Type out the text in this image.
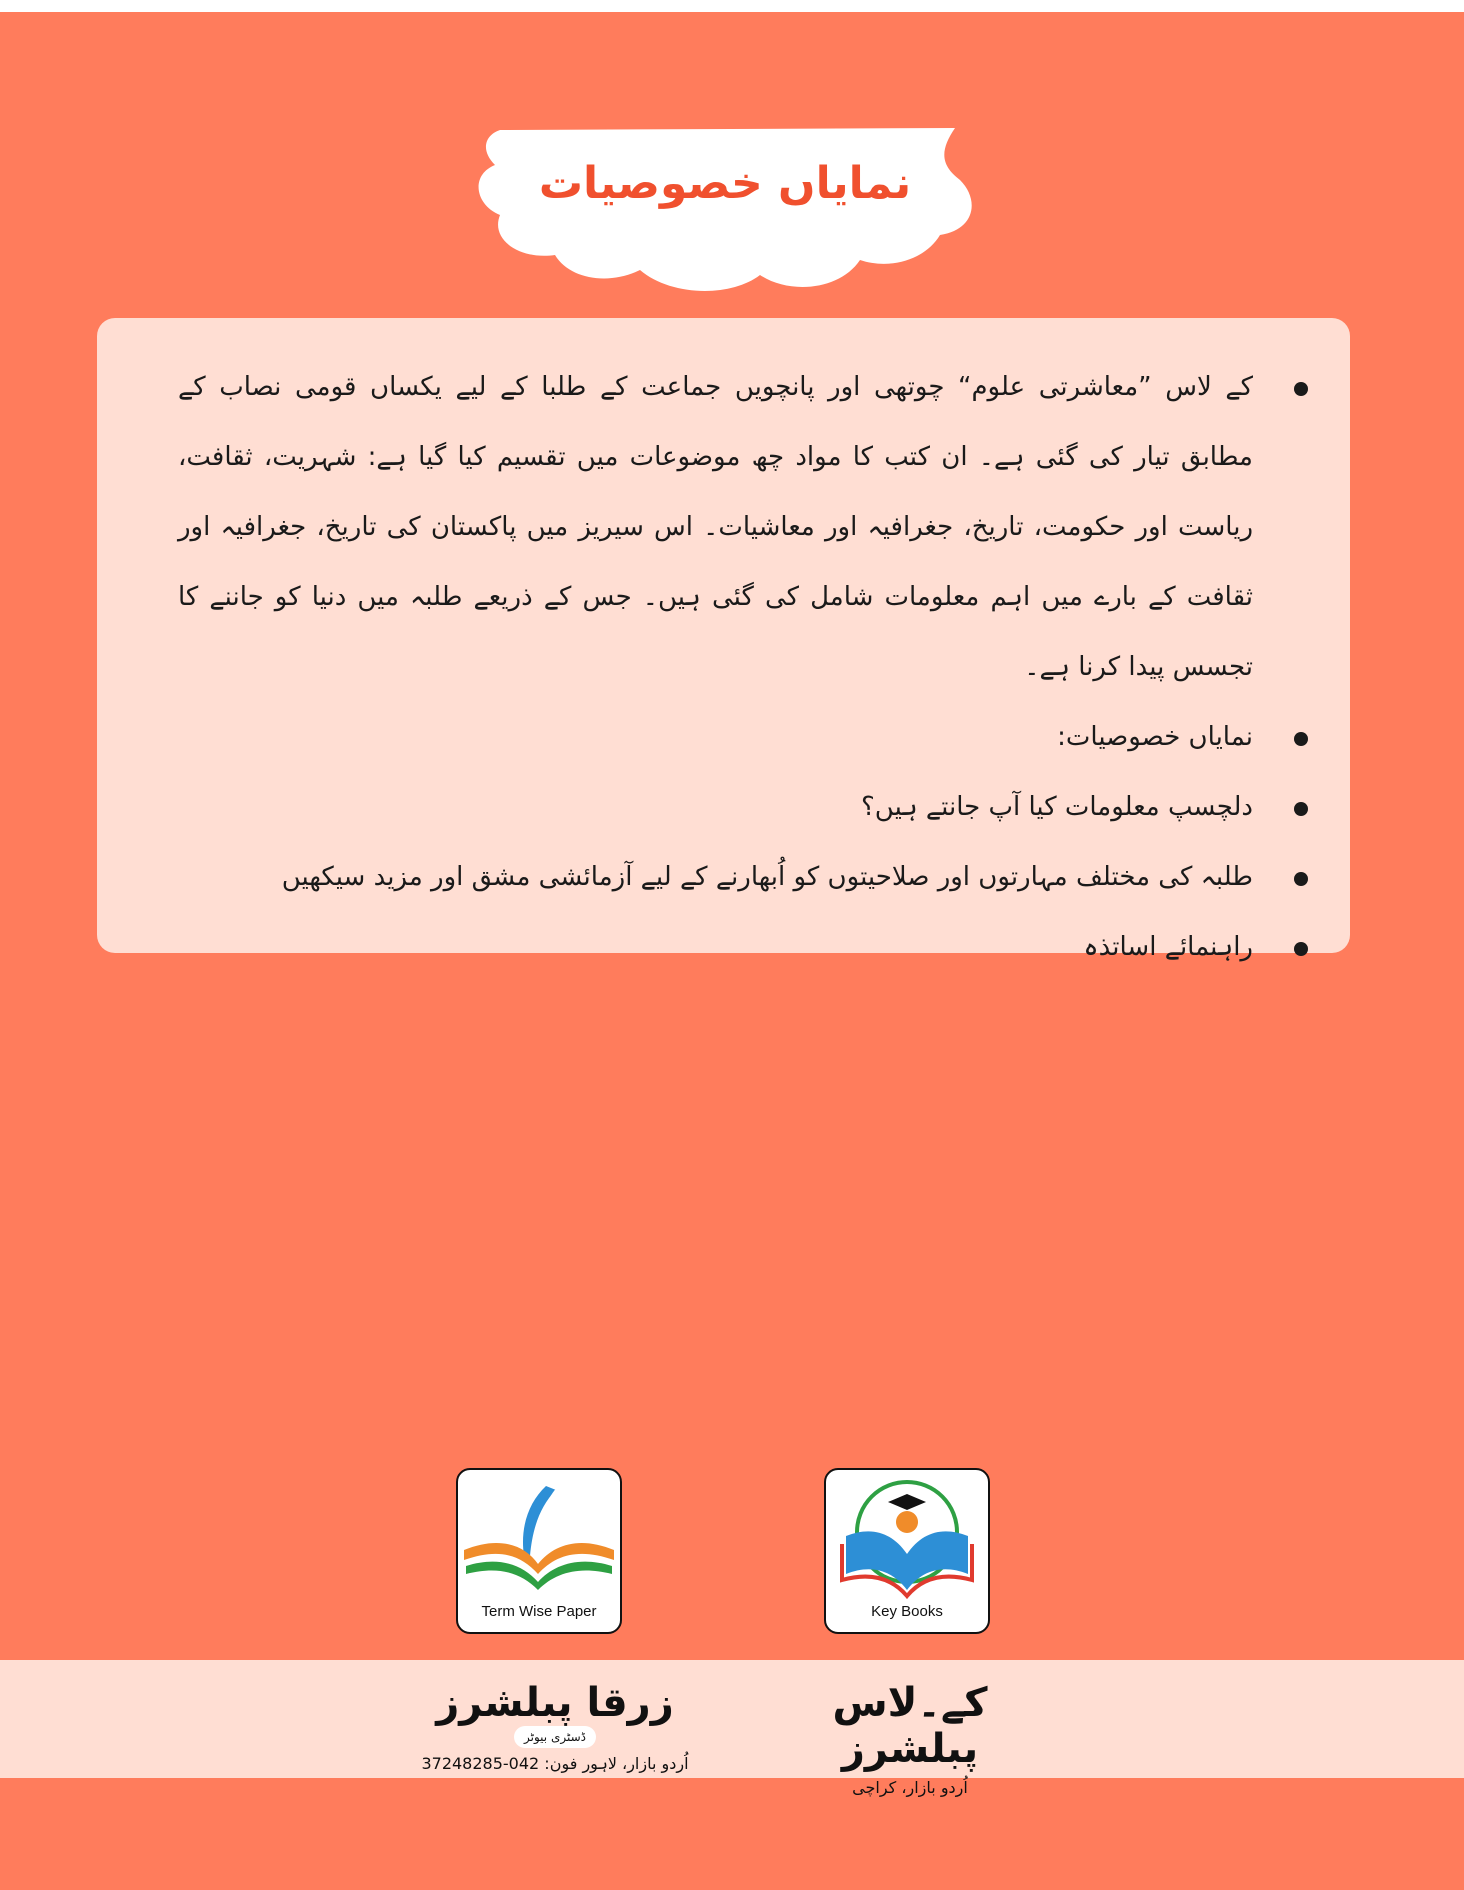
نمایاں خصوصیات
کے لاس ”معاشرتی علوم“ چوتھی اور پانچویں جماعت کے طلبا کے لیے یکساں قومی نصاب کے مطابق تیار کی گئی ہے۔ ان کتب کا مواد چھ موضوعات میں تقسیم کیا گیا ہے: شہریت، ثقافت، ریاست اور حکومت، تاریخ، جغرافیہ اور معاشیات۔ اس سیریز میں پاکستان کی تاریخ، جغرافیہ اور ثقافت کے بارے میں اہم معلومات شامل کی گئی ہیں۔ جس کے ذریعے طلبہ میں دنیا کو جاننے کا تجسس پیدا کرنا ہے۔
نمایاں خصوصیات:
دلچسپ معلومات کیا آپ جانتے ہیں؟
طلبہ کی مختلف مہارتوں اور صلاحیتوں کو اُبھارنے کے لیے آزمائشی مشق اور مزید سیکھیں
راہنمائے اساتذہ
Term Wise Paper	Key Books
زرقا پبلشرز ڈسٹری بیوٹر
اُردو بازار، لاہور فون: 042-37248285
کے۔لاس پبلشرز
اُردو بازار، کراچی
